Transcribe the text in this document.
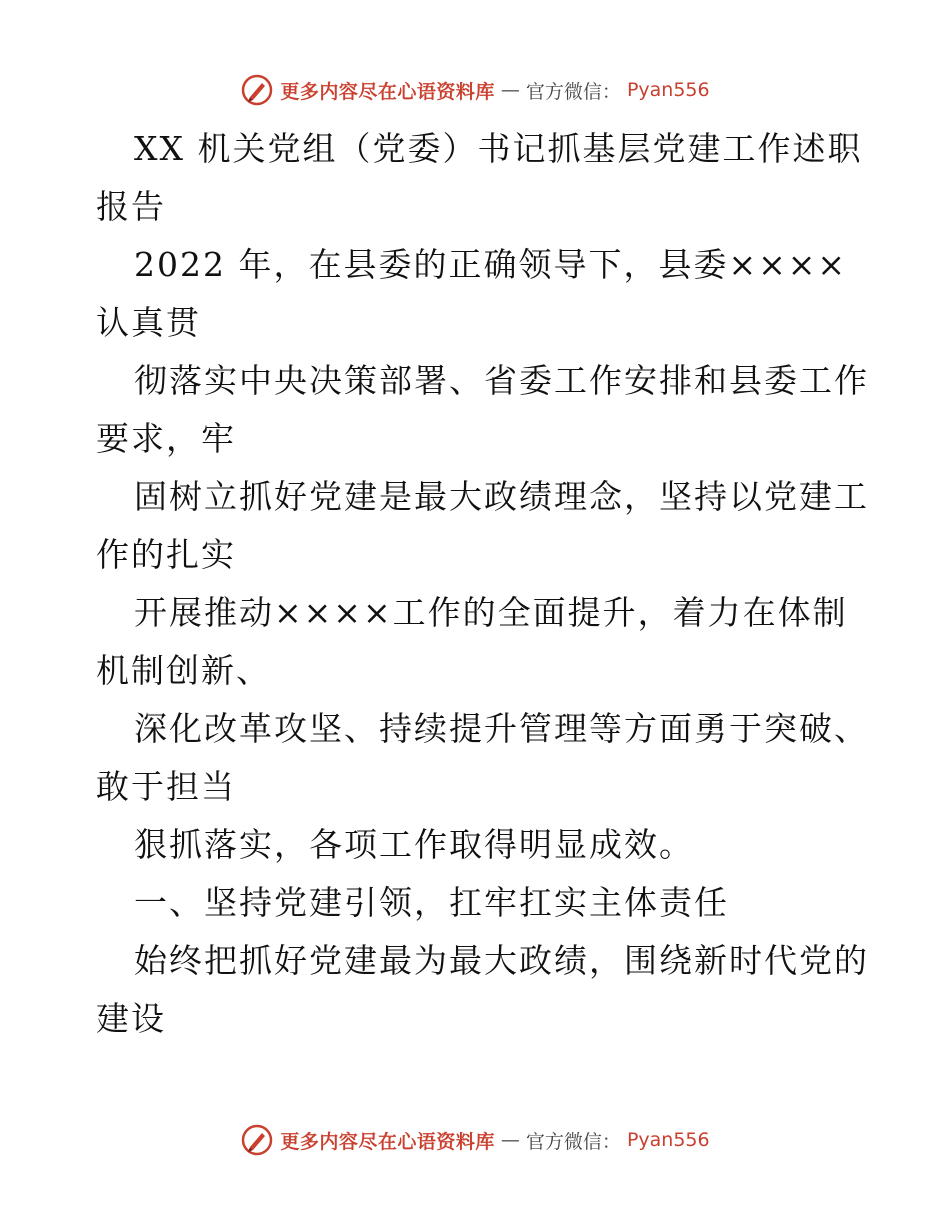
更多内容尽在心语资料库 — 官方微信： Pyan556
XX 机关党组（党委）书记抓基层党建工作述职
报告
2022 年，在县委的正确领导下，县委××××
认真贯
彻落实中央决策部署、省委工作安排和县委工作
要求，牢
固树立抓好党建是最大政绩理念，坚持以党建工
作的扎实
开展推动××××工作的全面提升，着力在体制
机制创新、
深化改革攻坚、持续提升管理等方面勇于突破、
敢于担当
狠抓落实，各项工作取得明显成效。
一、坚持党建引领，扛牢扛实主体责任
始终把抓好党建最为最大政绩，围绕新时代党的
建设
更多内容尽在心语资料库 — 官方微信： Pyan556
